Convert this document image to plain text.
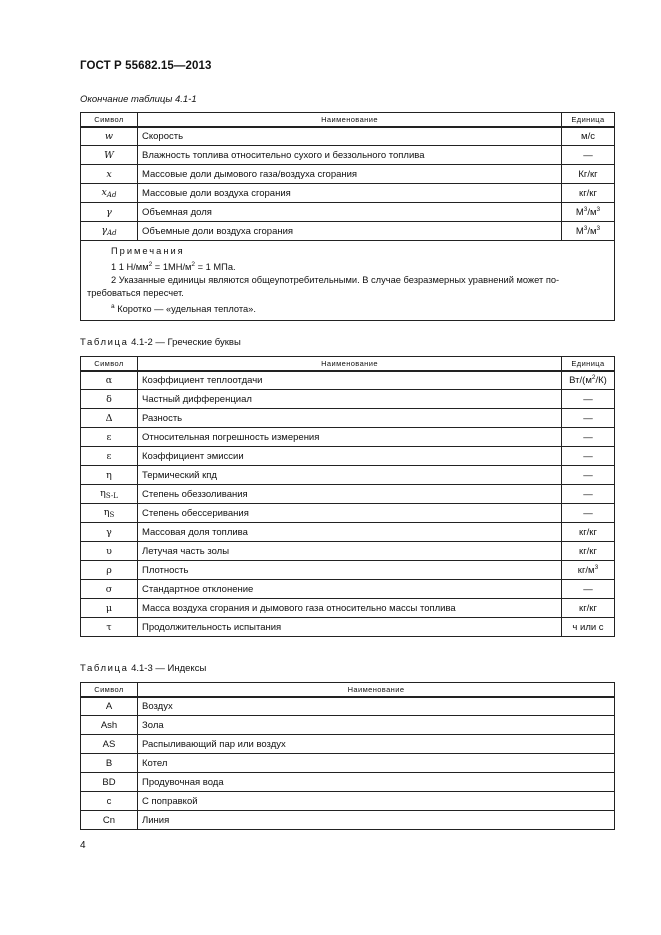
ГОСТ Р 55682.15—2013
Окончание таблицы 4.1-1
Символ	Наименование	Единица
w	Скорость	м/с
W	Влажность топлива относительно сухого и беззольного топлива	—
x	Массовые доли дымового газа/воздуха сгорания	Кг/кг
$x_{Ad}$	Массовые доли воздуха сгорания	кг/кг
γ	Объемная доля	$М^3/м^3$
$\gamma_{Ad}$	Объемные доли воздуха сгорания	$М^3/м^3$

Примечания
1 1 $Н/мм^2 = 1МН/м^2 = 1$ МПа.
2 Указанные единицы являются общеупотребительными. В случае безразмерных уравнений может по-
требоваться пересчет.
$^а$ Коротко — «удельная теплота».		
Таблица 4.1-2 — Греческие буквы
Символ	Наименование	Единица
α	Коэффициент теплоотдачи	$Вт/(м^2/К)$
δ	Частный дифференциал	—
Δ	Разность	—
ε	Относительная погрешность измерения	—
ε	Коэффициент эмиссии	—
η	Термический кпд	—
$\eta_{S-L}$	Степень обеззоливания	—
$\eta_S$	Степень обессеривания	—
γ	Массовая доля топлива	кг/кг
υ	Летучая часть золы	кг/кг
ρ	Плотность	$кг/м^3$
σ	Стандартное отклонение	—
μ	Масса воздуха сгорания и дымового газа относительно массы топлива	кг/кг
τ	Продолжительность испытания	ч или с
Таблица 4.1-3 — Индексы
Символ	Наименование
A	Воздух
Ash	Зола
AS	Распыливающий пар или воздух
B	Котел
BD	Продувочная вода
c	С поправкой
Cn	Линия
4
